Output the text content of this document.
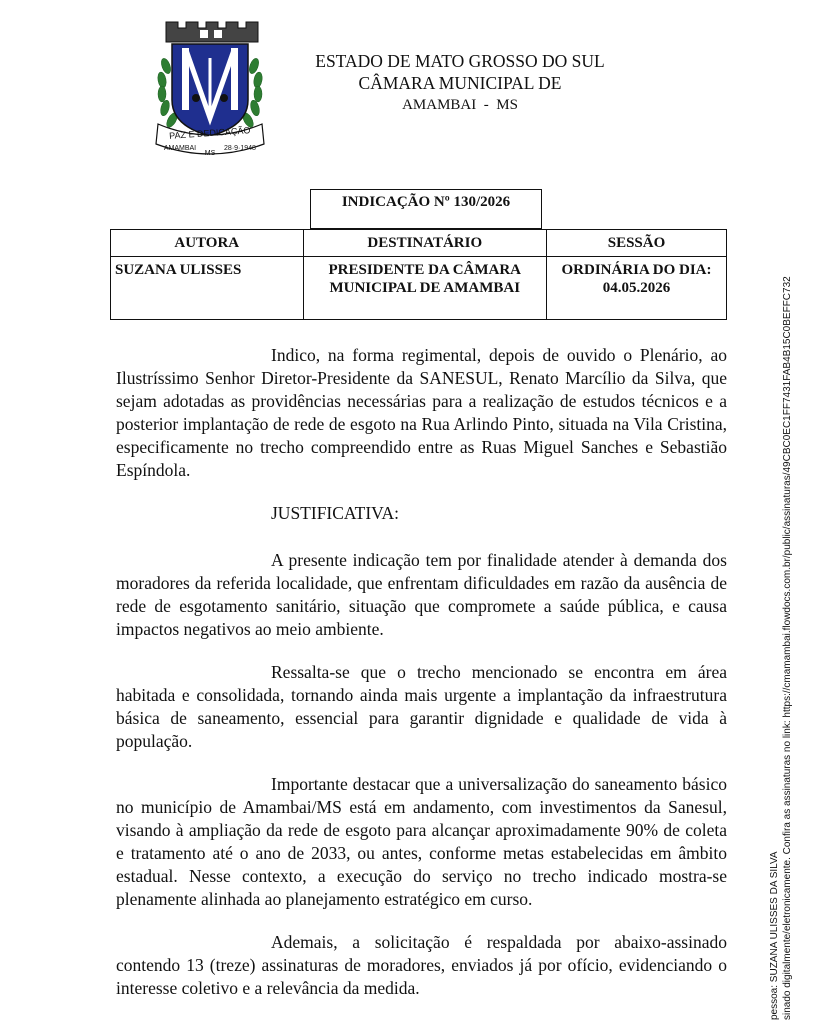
PAZ E DEDICAÇÃO
AMAMBAI
MS
28·9·1948
ESTADO DE MATO GROSSO DO SUL
CÂMARA MUNICIPAL DE
AMAMBAI  -  MS
INDICAÇÃO Nº 130/2026
AUTORA	DESTINATÁRIO	SESSÃO
SUZANA ULISSES	PRESIDENTE DA CÂMARA MUNICIPAL DE AMAMBAI	ORDINÁRIA DO DIA: 04.05.2026

Indico, na forma regimental, depois de ouvido o Plenário, ao Ilustríssimo Senhor Diretor-Presidente da SANESUL, Renato Marcílio da Silva, que sejam adotadas as providências necessárias para a realização de estudos técnicos e a posterior implantação de rede de esgoto na Rua Arlindo Pinto, situada na Vila Cristina, especificamente no trecho compreendido entre as Ruas Miguel Sanches e Sebastião Espíndola.

JUSTIFICATIVA:

A presente indicação tem por finalidade atender à demanda dos moradores da referida localidade, que enfrentam dificuldades em razão da ausência de rede de esgotamento sanitário, situação que compromete a saúde pública, e causa impactos negativos ao meio ambiente.

Ressalta-se que o trecho mencionado se encontra em área habitada e consolidada, tornando ainda mais urgente a implantação da infraestrutura básica de saneamento, essencial para garantir dignidade e qualidade de vida à população.

Importante destacar que a universalização do saneamento básico no município de Amambai/MS está em andamento, com investimentos da Sanesul, visando à ampliação da rede de esgoto para alcançar aproximadamente 90% de coleta e tratamento até o ano de 2033, ou antes, conforme metas estabelecidas em âmbito estadual. Nesse contexto, a execução do serviço no trecho indicado mostra-se plenamente alinhada ao planejamento estratégico em curso.

Ademais, a solicitação é respaldada por abaixo-assinado contendo 13 (treze) assinaturas de moradores, enviados já por ofício, evidenciando o interesse coletivo e a relevância da medida.	pessoa: SUZANA ULISSES DA SILVA sinado digitalmente/eletronicamente. Confira as assinaturas no link: https://cmamambai.flowdocs.com.br/public/assinaturas/49CBC0EC1FF7431FAB4B15C0BEFFC732
